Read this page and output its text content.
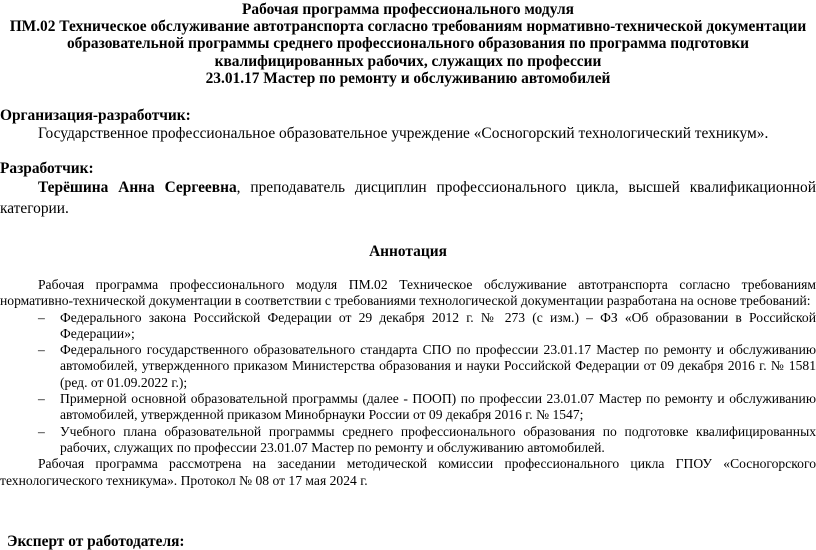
Рабочая программа профессионального модуля
ПМ.02 Техническое обслуживание автотранспорта согласно требованиям нормативно-технической документации
образовательной программы среднего профессионального образования по программа подготовки
квалифицированных рабочих, служащих по профессии
23.01.17 Мастер по ремонту и обслуживанию автомобилей
Организация-разработчик:
Государственное профессиональное образовательное учреждение «Сосногорский технологический техникум».
Разработчик:
Терёшина Анна Сергеевна, преподаватель дисциплин профессионального цикла, высшей квалификационной категории.
Аннотация

Рабочая программа профессионального модуля ПМ.02 Техническое обслуживание автотранспорта согласно требованиям нормативно-технической документации в соответствии с требованиями технологической документации разработана на основе требований:

– Федерального закона Российской Федерации от 29 декабря 2012 г. № 273 (с изм.) – ФЗ «Об образовании в Российской Федерации»;
– Федерального государственного образовательного стандарта СПО по профессии 23.01.17 Мастер по ремонту и обслуживанию автомобилей, утвержденного приказом Министерства образования и науки Российской Федерации от 09 декабря 2016 г. № 1581 (ред. от 01.09.2022 г.);
– Примерной основной образовательной программы (далее - ПООП) по профессии 23.01.07 Мастер по ремонту и обслуживанию автомобилей, утвержденной приказом Минобрнауки России от 09 декабря 2016 г. № 1547;
– Учебного плана образовательной программы среднего профессионального образования по подготовке квалифицированных рабочих, служащих по профессии 23.01.07 Мастер по ремонту и обслуживанию автомобилей.

Рабочая программа рассмотрена на заседании методической комиссии профессионального цикла ГПОУ «Сосногорского технологического техникума». Протокол № 08 от 17 мая 2024 г.

Эксперт от работодателя:
